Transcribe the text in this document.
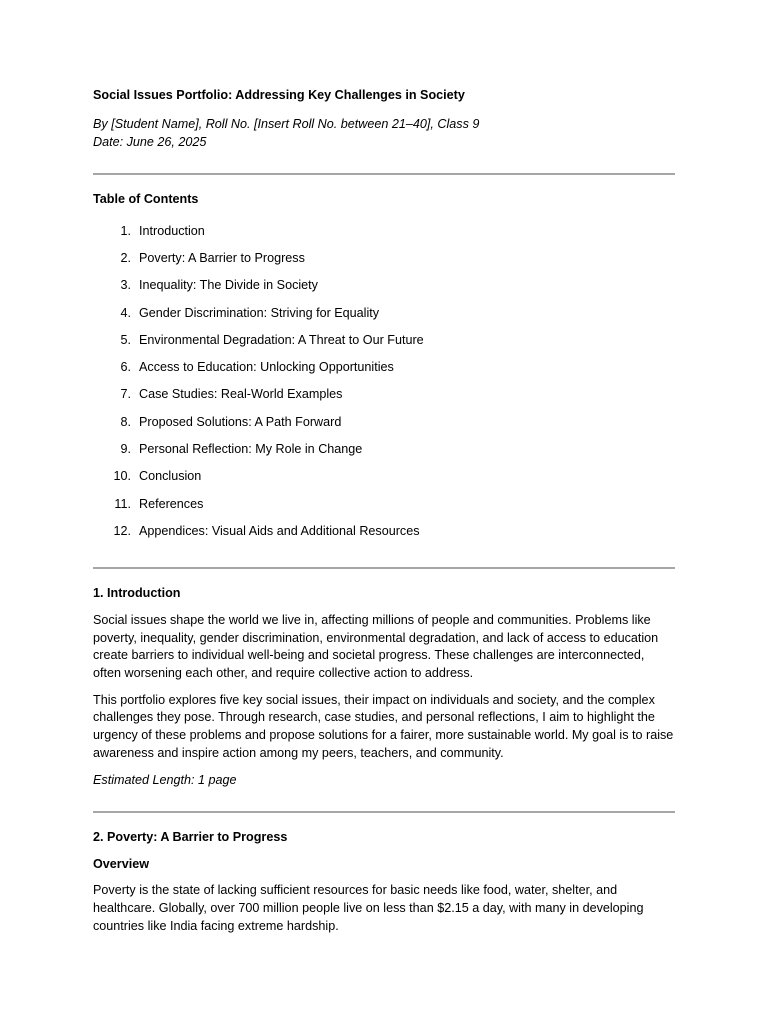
Social Issues Portfolio: Addressing Key Challenges in Society
By [Student Name], Roll No. [Insert Roll No. between 21–40], Class 9
Date: June 26, 2025
Table of Contents
1. Introduction
2. Poverty: A Barrier to Progress
3. Inequality: The Divide in Society
4. Gender Discrimination: Striving for Equality
5. Environmental Degradation: A Threat to Our Future
6. Access to Education: Unlocking Opportunities
7. Case Studies: Real-World Examples
8. Proposed Solutions: A Path Forward
9. Personal Reflection: My Role in Change
10. Conclusion
11. References
12. Appendices: Visual Aids and Additional Resources
1. Introduction

Social issues shape the world we live in, affecting millions of people and communities. Problems like poverty, inequality, gender discrimination, environmental degradation, and lack of access to education create barriers to individual well-being and societal progress. These challenges are interconnected, often worsening each other, and require collective action to address.

This portfolio explores five key social issues, their impact on individuals and society, and the complex challenges they pose. Through research, case studies, and personal reflections, I aim to highlight the urgency of these problems and propose solutions for a fairer, more sustainable world. My goal is to raise awareness and inspire action among my peers, teachers, and community.

Estimated Length: 1 page

2. Poverty: A Barrier to Progress
Overview

Poverty is the state of lacking sufficient resources for basic needs like food, water, shelter, and healthcare. Globally, over 700 million people live on less than $2.15 a day, with many in developing countries like India facing extreme hardship.
